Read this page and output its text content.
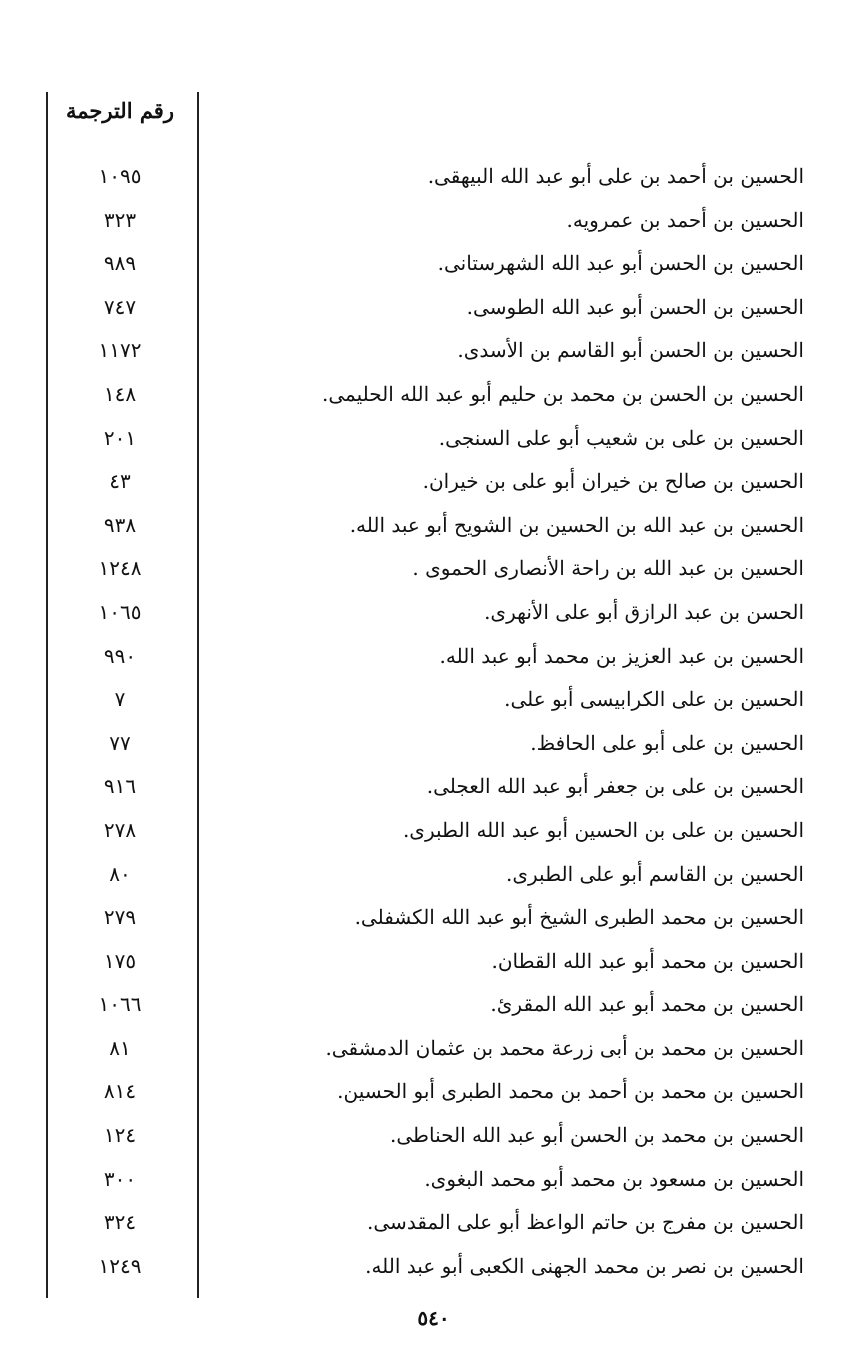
رقم الترجمة
الحسين بن أحمد بن على أبو عبد الله البيهقى.
١٠٩٥
الحسين بن أحمد بن عمرويه.
٣٢٣
الحسين بن الحسن أبو عبد الله الشهرستانى.
٩٨٩
الحسين بن الحسن أبو عبد الله الطوسى.
٧٤٧
الحسين بن الحسن أبو القاسم بن الأسدى.
١١٧٢
الحسين بن الحسن بن محمد بن حليم أبو عبد الله الحليمى.
١٤٨
الحسين بن على بن شعيب أبو على السنجى.
٢٠١
الحسين بن صالح بن خيران أبو على بن خيران.
٤٣
الحسين بن عبد الله بن الحسين بن الشويح أبو عبد الله.
٩٣٨
الحسين بن عبد الله بن راحة الأنصارى الحموى .
١٢٤٨
الحسن بن عبد الرازق أبو على الأنهرى.
١٠٦٥
الحسين بن عبد العزيز بن محمد أبو عبد الله.
٩٩٠
الحسين بن على الكرابيسى أبو على.
٧
الحسين بن على أبو على الحافظ.
٧٧
الحسين بن على بن جعفر أبو عبد الله العجلى.
٩١٦
الحسين بن على بن الحسين أبو عبد الله الطبرى.
٢٧٨
الحسين بن القاسم أبو على الطبرى.
٨٠
الحسين بن محمد الطبرى الشيخ أبو عبد الله الكشفلى.
٢٧٩
الحسين بن محمد أبو عبد الله القطان.
١٧٥
الحسين بن محمد أبو عبد الله المقرئ.
١٠٦٦
الحسين بن محمد بن أبى زرعة محمد بن عثمان الدمشقى.
٨١
الحسين بن محمد بن أحمد بن محمد الطبرى أبو الحسين.
٨١٤
الحسين بن محمد بن الحسن أبو عبد الله الحناطى.
١٢٤
الحسين بن مسعود بن محمد أبو محمد البغوى.
٣٠٠
الحسين بن مفرج بن حاتم الواعظ أبو على المقدسى.
٣٢٤
الحسين بن نصر بن محمد الجهنى الكعبى أبو عبد الله.
١٢٤٩
٥٤٠
